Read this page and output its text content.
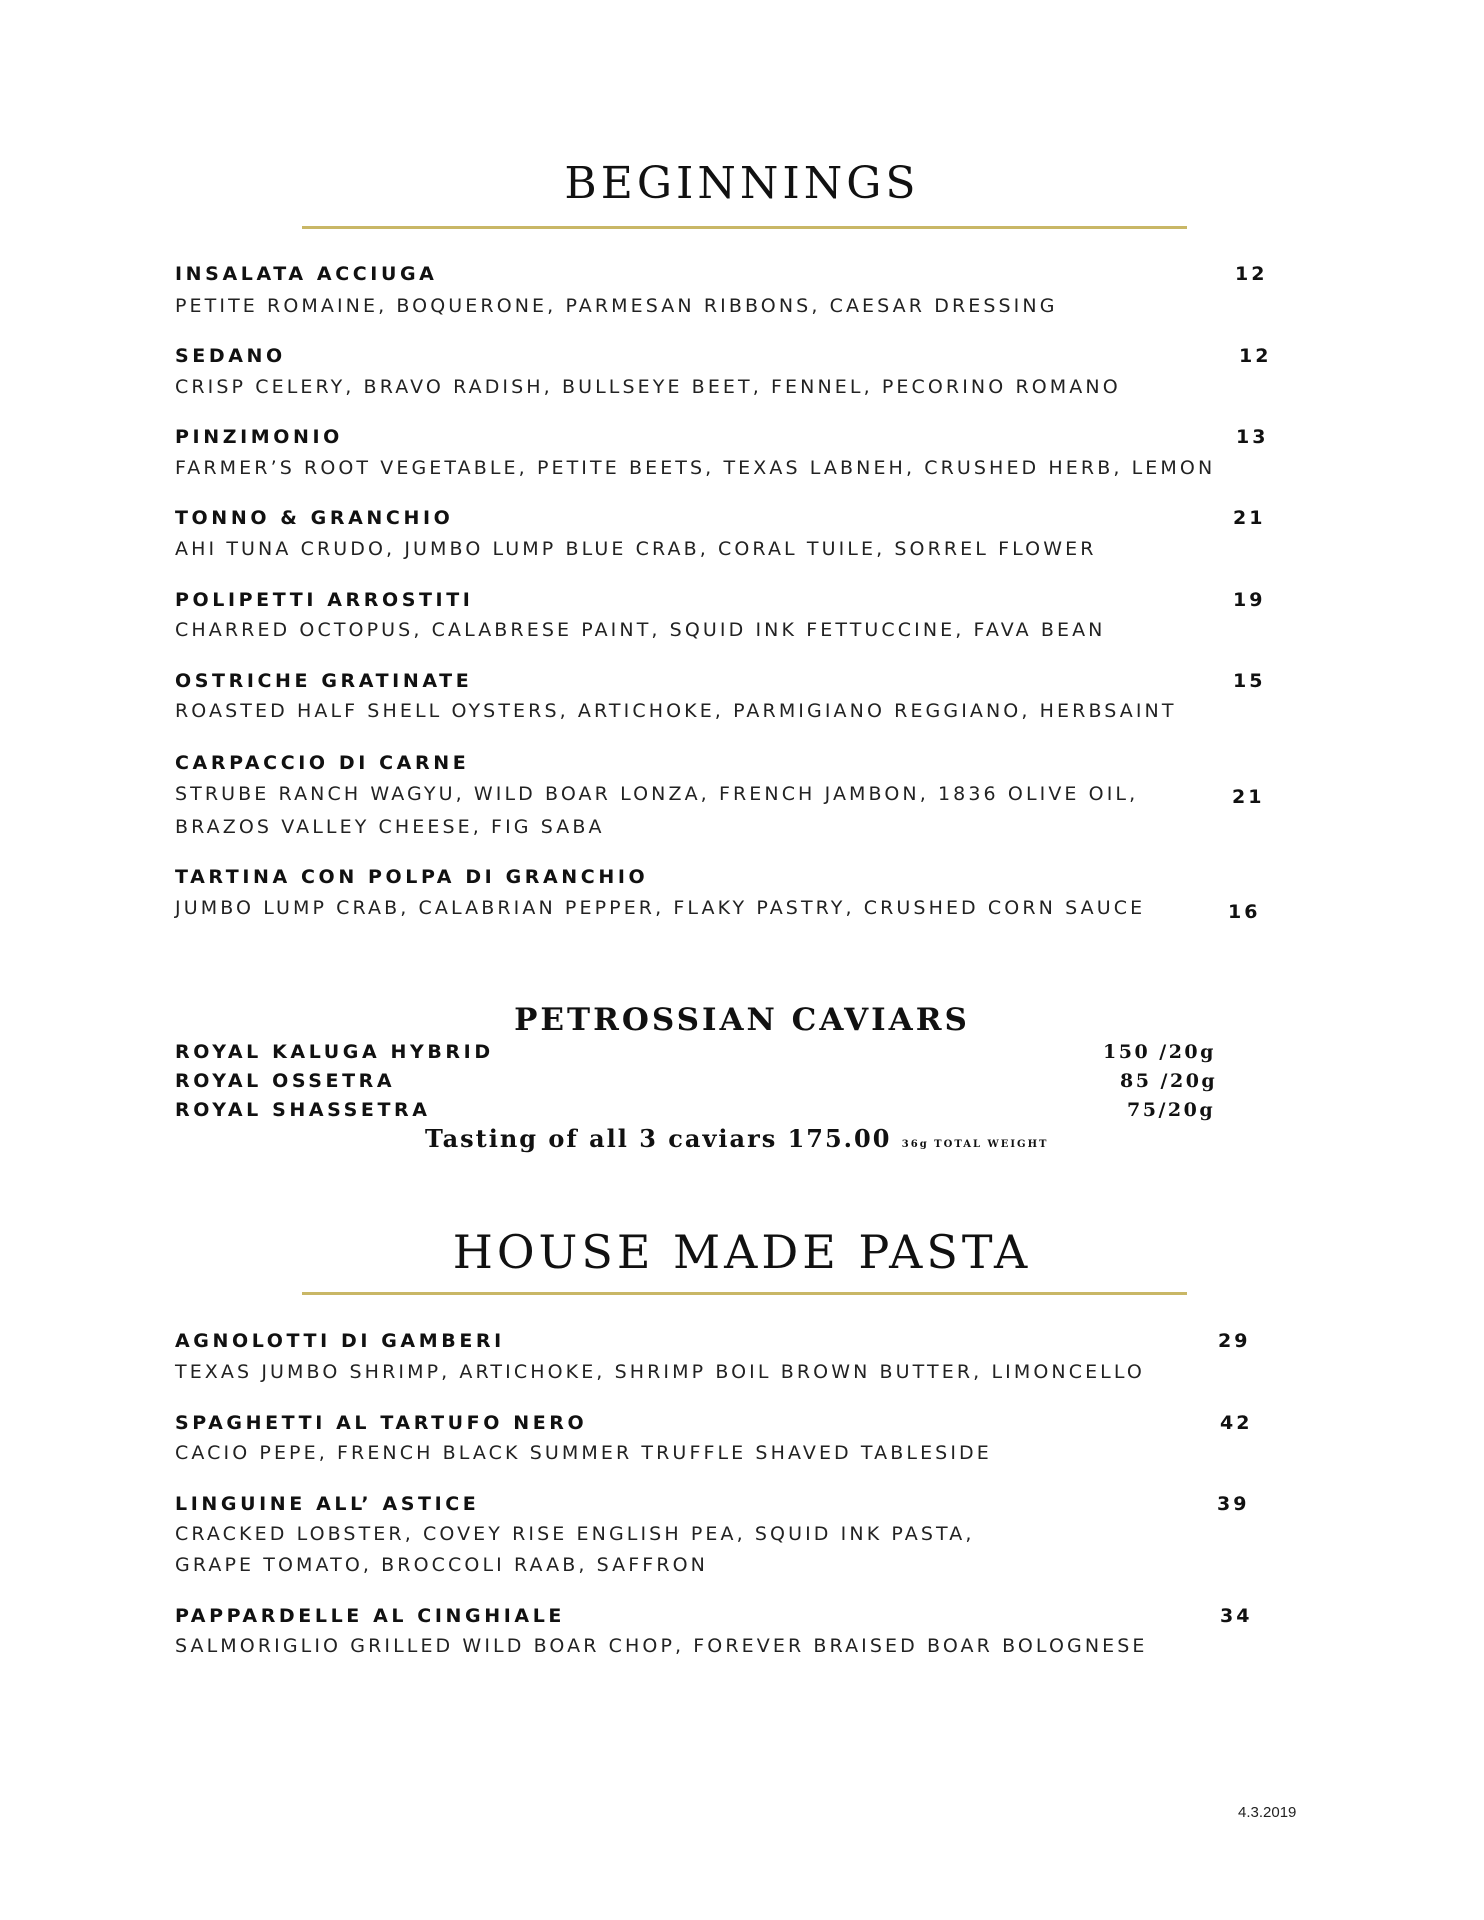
BEGINNINGS
INSALATA ACCIUGA	12
PETITE ROMAINE, BOQUERONE, PARMESAN RIBBONS, CAESAR DRESSING
SEDANO	12
CRISP CELERY, BRAVO RADISH, BULLSEYE BEET, FENNEL, PECORINO ROMANO
PINZIMONIO	13
FARMER’S ROOT VEGETABLE, PETITE BEETS, TEXAS LABNEH, CRUSHED HERB, LEMON
TONNO & GRANCHIO	21
AHI TUNA CRUDO, JUMBO LUMP BLUE CRAB, CORAL TUILE, SORREL FLOWER
POLIPETTI ARROSTITI	19
CHARRED OCTOPUS, CALABRESE PAINT, SQUID INK FETTUCCINE, FAVA BEAN
OSTRICHE GRATINATE	15
ROASTED HALF SHELL OYSTERS, ARTICHOKE, PARMIGIANO REGGIANO, HERBSAINT
CARPACCIO DI CARNE
STRUBE RANCH WAGYU, WILD BOAR LONZA, FRENCH JAMBON, 1836 OLIVE OIL,	21
BRAZOS VALLEY CHEESE, FIG SABA
TARTINA CON POLPA DI GRANCHIO
JUMBO LUMP CRAB, CALABRIAN PEPPER, FLAKY PASTRY, CRUSHED CORN SAUCE	16
PETROSSIAN CAVIARS
ROYAL KALUGA HYBRID	150 /20g
ROYAL OSSETRA	85 /20g
ROYAL SHASSETRA	75/20g
Tasting of all 3 caviars 175.00 36g TOTAL WEIGHT
HOUSE MADE PASTA
AGNOLOTTI DI GAMBERI	29
TEXAS JUMBO SHRIMP, ARTICHOKE, SHRIMP BOIL BROWN BUTTER, LIMONCELLO
SPAGHETTI AL TARTUFO NERO	42
CACIO PEPE, FRENCH BLACK SUMMER TRUFFLE SHAVED TABLESIDE
LINGUINE ALL’ ASTICE	39
CRACKED LOBSTER, COVEY RISE ENGLISH PEA, SQUID INK PASTA,
GRAPE TOMATO, BROCCOLI RAAB, SAFFRON
PAPPARDELLE AL CINGHIALE	34
SALMORIGLIO GRILLED WILD BOAR CHOP, FOREVER BRAISED BOAR BOLOGNESE
4.3.2019
